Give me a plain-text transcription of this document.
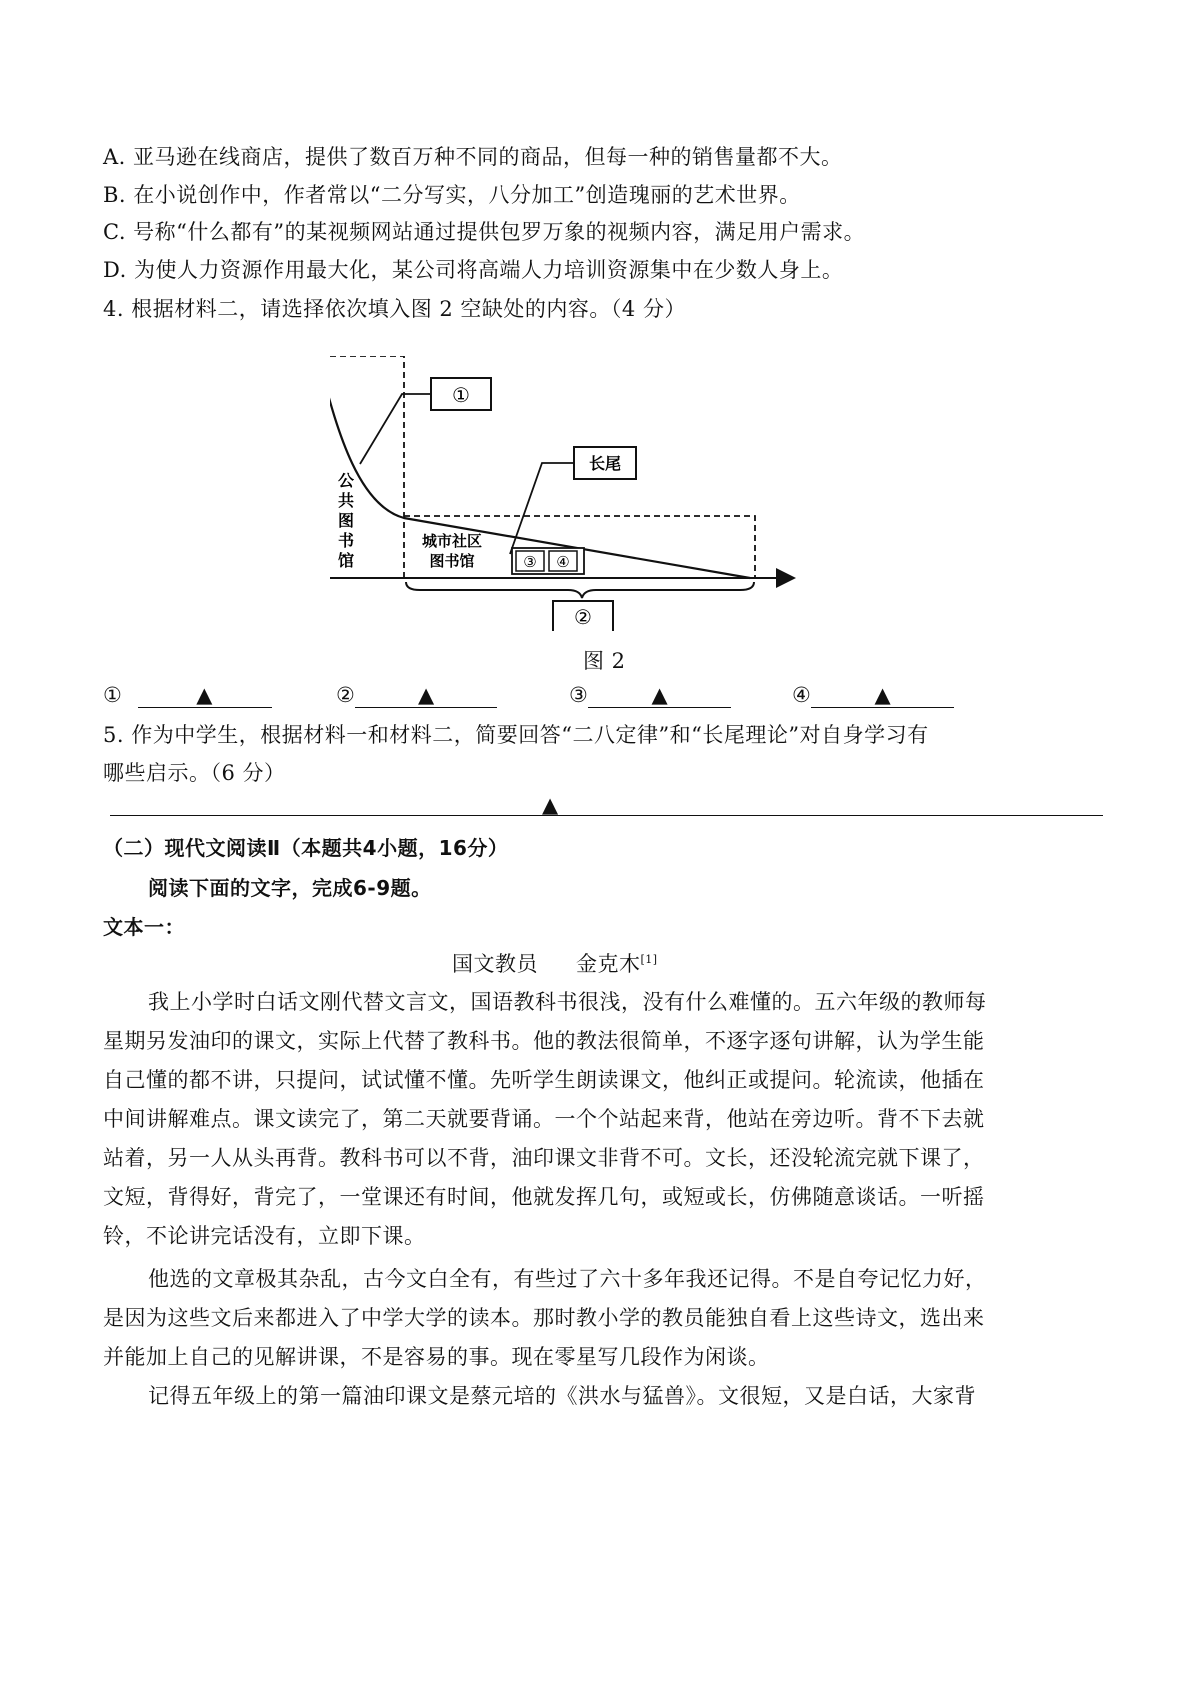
A. 亚马逊在线商店，提供了数百万种不同的商品，但每一种的销售量都不大。
B. 在小说创作中，作者常以“二分写实，八分加工”创造瑰丽的艺术世界。
C. 号称“什么都有”的某视频网站通过提供包罗万象的视频内容，满足用户需求。
D. 为使人力资源作用最大化，某公司将高端人力培训资源集中在少数人身上。
4. 根据材料二，请选择依次填入图 2 空缺处的内容。（4 分）
①
长尾
公
共
图
书
馆
城市社区
图书馆	③ ④
②
图 2
①	▲	②	▲	③	▲	④	▲
5. 作为中学生，根据材料一和材料二，简要回答“二八定律”和“长尾理论”对自身学习有
哪些启示。（6 分）
▲
（二）现代文阅读Ⅱ（本题共4小题，16分）
阅读下面的文字，完成6-9题。
文本一：
国文教员 金克木[1]
我上小学时白话文刚代替文言文，国语教科书很浅，没有什么难懂的。五六年级的教师每
星期另发油印的课文，实际上代替了教科书。他的教法很简单，不逐字逐句讲解，认为学生能
自己懂的都不讲，只提问，试试懂不懂。先听学生朗读课文，他纠正或提问。轮流读，他插在
中间讲解难点。课文读完了，第二天就要背诵。一个个站起来背，他站在旁边听。背不下去就
站着，另一人从头再背。教科书可以不背，油印课文非背不可。文长，还没轮流完就下课了，
文短，背得好，背完了，一堂课还有时间，他就发挥几句，或短或长，仿佛随意谈话。一听摇
铃，不论讲完话没有，立即下课。
他选的文章极其杂乱，古今文白全有，有些过了六十多年我还记得。不是自夸记忆力好，
是因为这些文后来都进入了中学大学的读本。那时教小学的教员能独自看上这些诗文，选出来
并能加上自己的见解讲课，不是容易的事。现在零星写几段作为闲谈。
记得五年级上的第一篇油印课文是蔡元培的《洪水与猛兽》。文很短，又是白话，大家背
